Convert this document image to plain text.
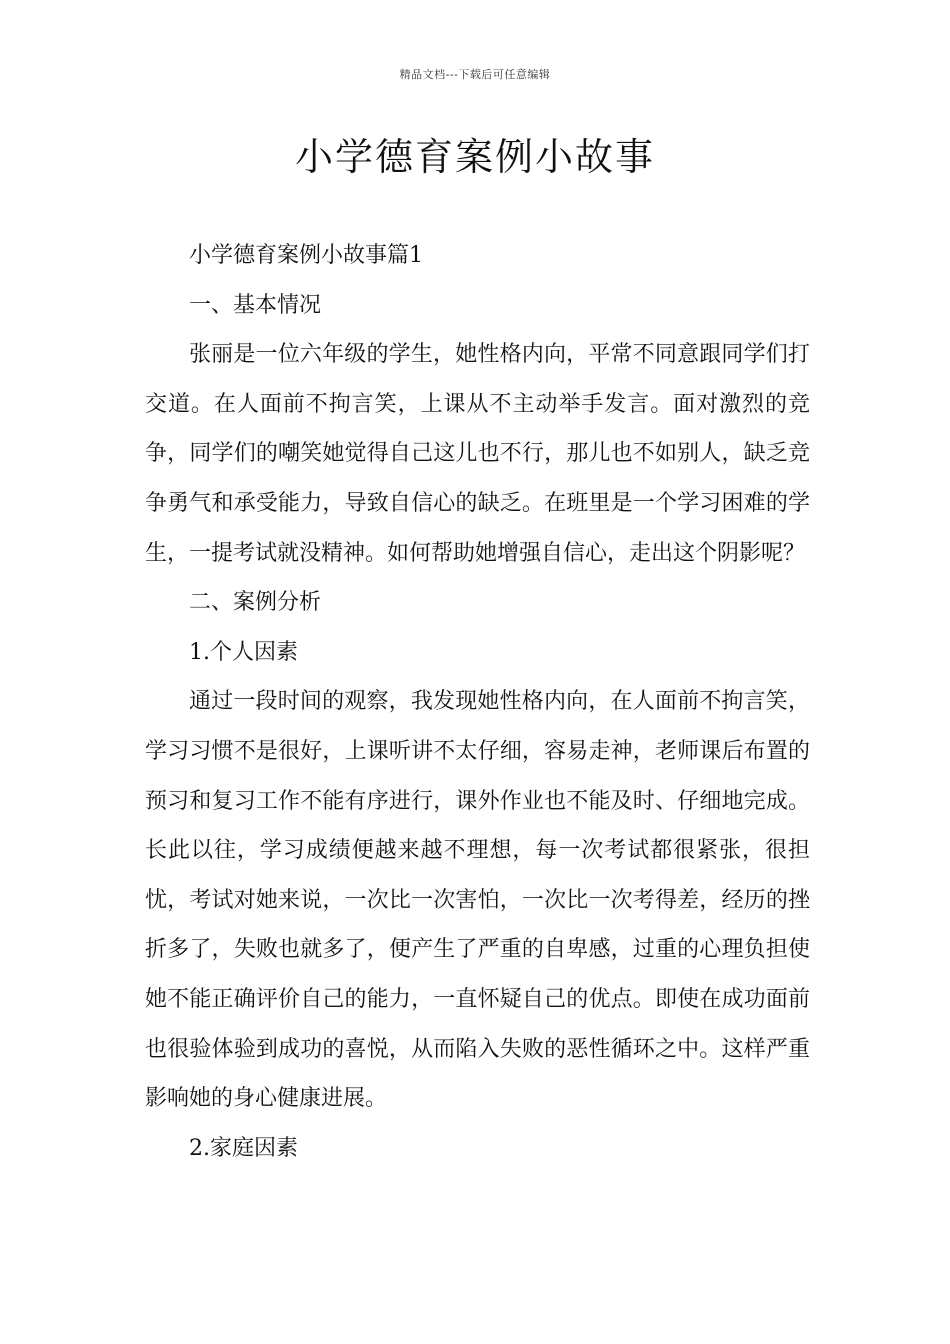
精品文档---下载后可任意编辑
小学德育案例小故事

小学德育案例小故事篇1

一、基本情况

张丽是一位六年级的学生，她性格内向，平常不同意跟同学们打交道。在人面前不拘言笑，上课从不主动举手发言。面对激烈的竞争，同学们的嘲笑她觉得自己这儿也不行，那儿也不如别人，缺乏竞争勇气和承受能力，导致自信心的缺乏。在班里是一个学习困难的学生，一提考试就没精神。如何帮助她增强自信心，走出这个阴影呢？

二、案例分析

1.个人因素

通过一段时间的观察，我发现她性格内向，在人面前不拘言笑，学习习惯不是很好，上课听讲不太仔细，容易走神，老师课后布置的预习和复习工作不能有序进行，课外作业也不能及时、仔细地完成。长此以往，学习成绩便越来越不理想，每一次考试都很紧张，很担忧，考试对她来说，一次比一次害怕，一次比一次考得差，经历的挫折多了，失败也就多了，便产生了严重的自卑感，过重的心理负担使她不能正确评价自己的能力，一直怀疑自己的优点。即使在成功面前也很验体验到成功的喜悦，从而陷入失败的恶性循环之中。这样严重影响她的身心健康进展。

2.家庭因素
